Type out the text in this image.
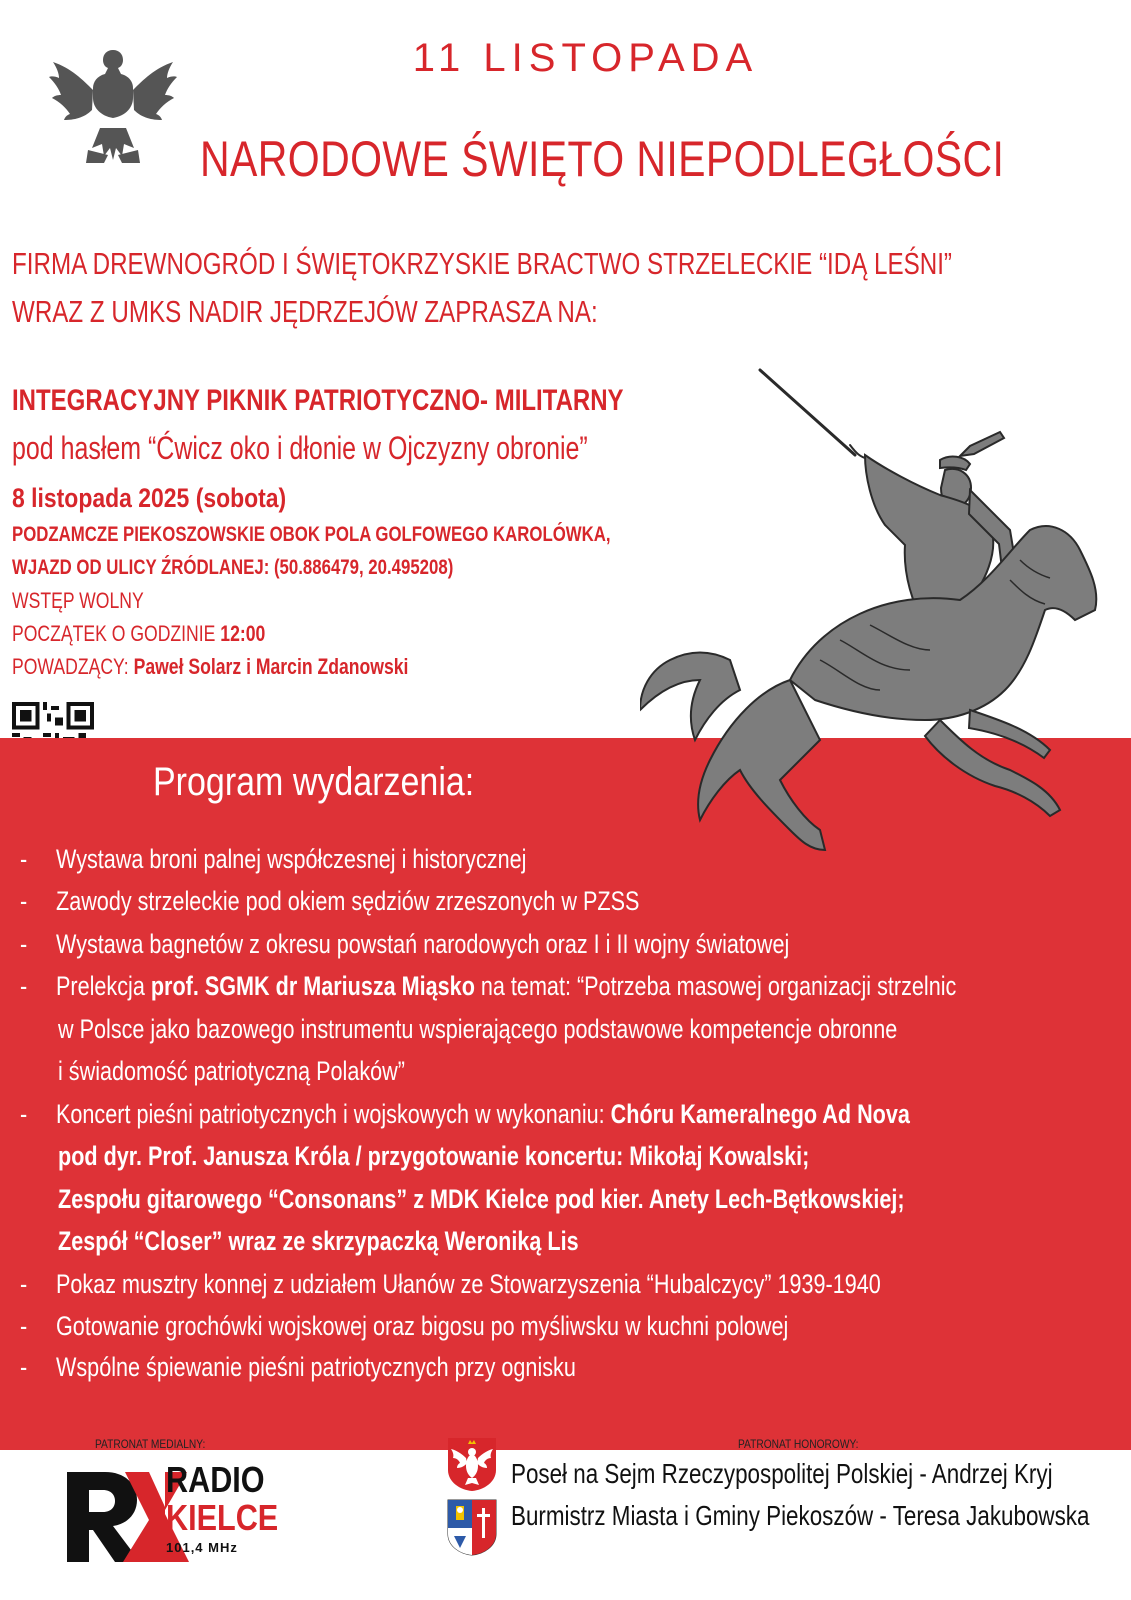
11 LISTOPADA
NARODOWE ŚWIĘTO NIEPODLEGŁOŚCI
FIRMA DREWNOGRÓD I ŚWIĘTOKRZYSKIE BRACTWO STRZELECKIE “IDĄ LEŚNI”
WRAZ Z UMKS NADIR JĘDRZEJÓW ZAPRASZA NA:
INTEGRACYJNY PIKNIK PATRIOTYCZNO- MILITARNY
pod hasłem “Ćwicz oko i dłonie w Ojczyzny obronie”
8 listopada 2025 (sobota)
PODZAMCZE PIEKOSZOWSKIE OBOK POLA GOLFOWEGO KAROLÓWKA,
WJAZD OD ULICY ŹRÓDLANEJ: (50.886479, 20.495208)
WSTĘP WOLNY
POCZĄTEK O GODZINIE 12:00
POWADZĄCY: Paweł Solarz i Marcin Zdanowski
Program wydarzenia:
- Wystawa broni palnej współczesnej i historycznej
- Zawody strzeleckie pod okiem sędziów zrzeszonych w PZSS
- Wystawa bagnetów z okresu powstań narodowych oraz I i II wojny światowej
- Prelekcja prof. SGMK dr Mariusza Miąsko na temat: “Potrzeba masowej organizacji strzelnic
w Polsce jako bazowego instrumentu wspierającego podstawowe kompetencje obronne
i świadomość patriotyczną Polaków”
- Koncert pieśni patriotycznych i wojskowych w wykonaniu: Chóru Kameralnego Ad Nova
pod dyr. Prof. Janusza Króla / przygotowanie koncertu: Mikołaj Kowalski;
Zespołu gitarowego “Consonans” z MDK Kielce pod kier. Anety Lech-Bętkowskiej;
Zespół “Closer” wraz ze skrzypaczką Weroniką Lis
- Pokaz musztry konnej z udziałem Ułanów ze Stowarzyszenia “Hubalczycy” 1939-1940
- Gotowanie grochówki wojskowej oraz bigosu po myśliwsku w kuchni polowej
- Wspólne śpiewanie pieśni patriotycznych przy ognisku
PATRONAT MEDIALNY:	PATRONAT HONOROWY:
RADIO
KIELCE
101,4 MHz
Poseł na Sejm Rzeczypospolitej Polskiej - Andrzej Kryj
Burmistrz Miasta i Gminy Piekoszów - Teresa Jakubowska
